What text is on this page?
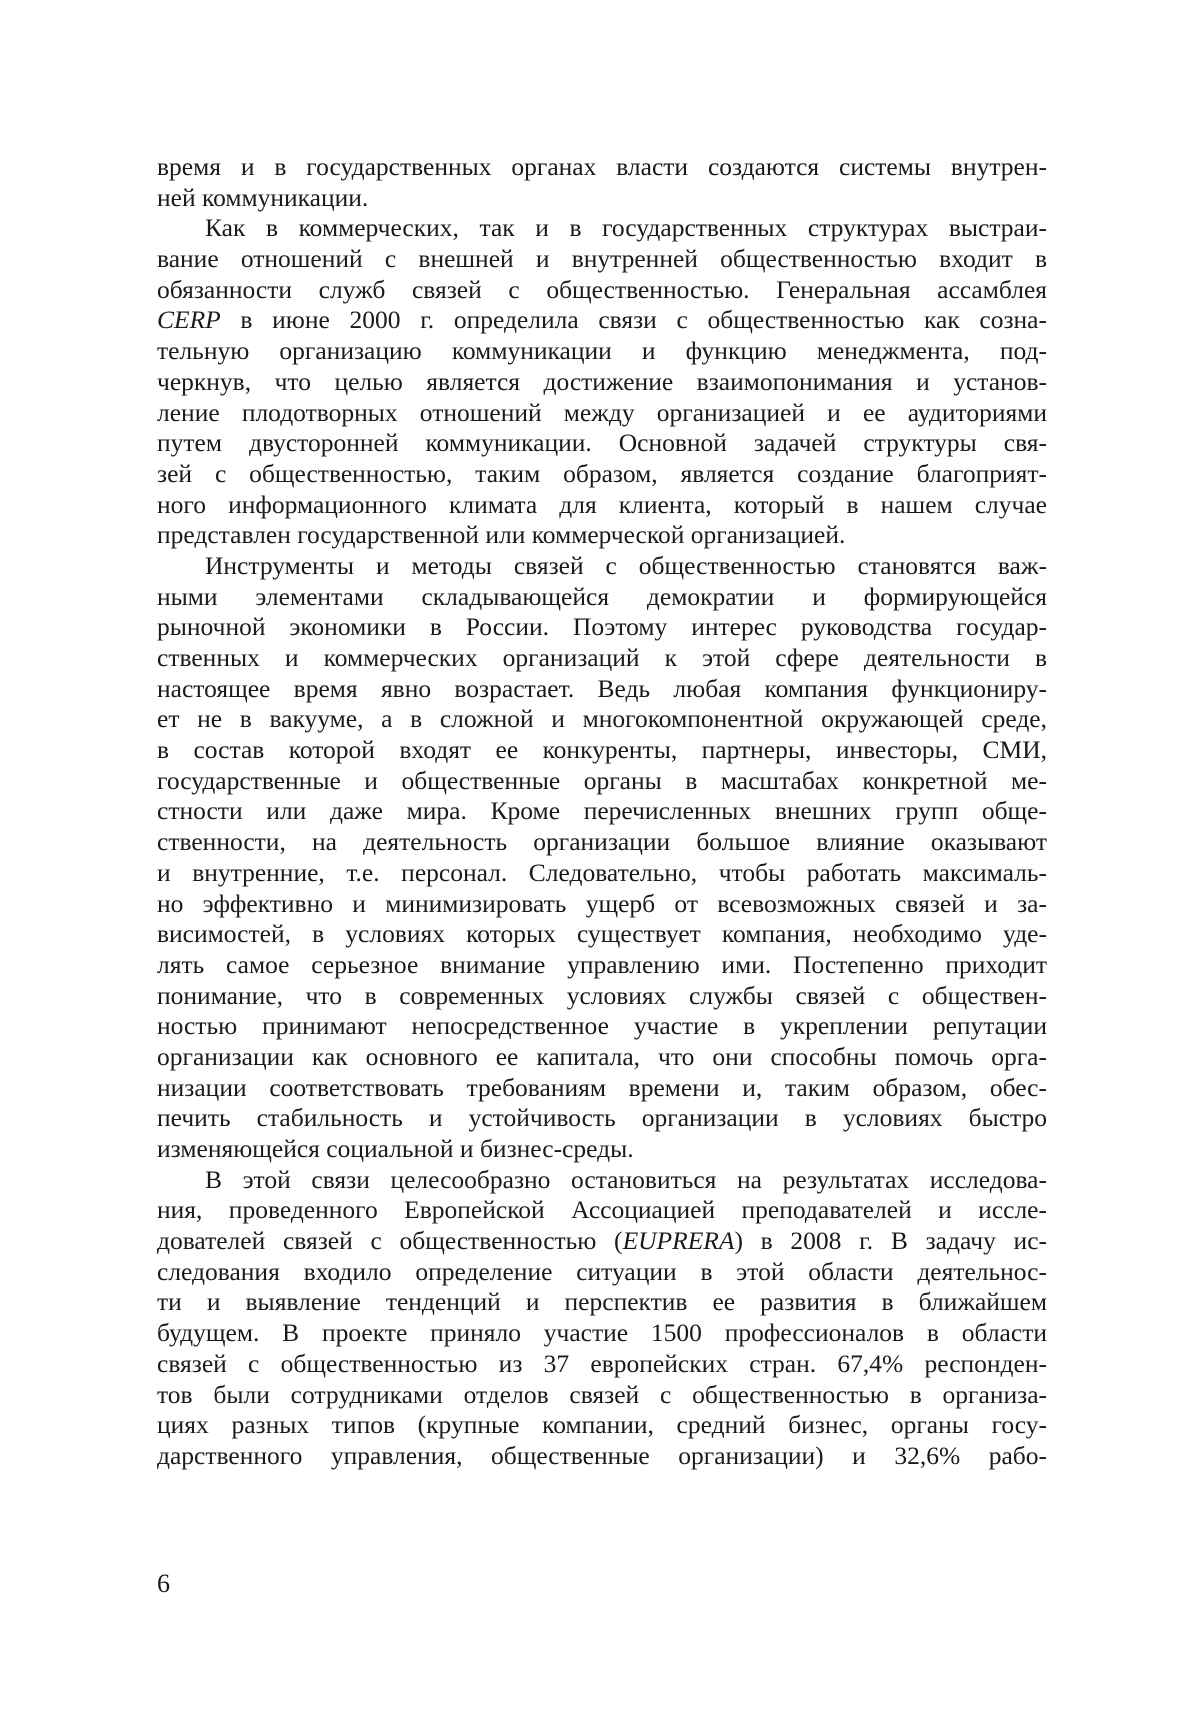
время и в государственных органах власти создаются системы внутрен-
ней коммуникации.

Как в коммерческих, так и в государственных структурах выстраи-
вание отношений с внешней и внутренней общественностью входит в
обязанности служб связей с общественностью. Генеральная ассамблея
CERP в июне 2000 г. определила связи с общественностью как созна-
тельную организацию коммуникации и функцию менеджмента, под-
черкнув, что целью является достижение взаимопонимания и установ-
ление плодотворных отношений между организацией и ее аудиториями
путем двусторонней коммуникации. Основной задачей структуры свя-
зей с общественностью, таким образом, является создание благоприят-
ного информационного климата для клиента, который в нашем случае
представлен государственной или коммерческой организацией.

Инструменты и методы связей с общественностью становятся важ-
ными элементами складывающейся демократии и формирующейся
рыночной экономики в России. Поэтому интерес руководства государ-
ственных и коммерческих организаций к этой сфере деятельности в
настоящее время явно возрастает. Ведь любая компания функциониру-
ет не в вакууме, а в сложной и многокомпонентной окружающей среде,
в состав которой входят ее конкуренты, партнеры, инвесторы, СМИ,
государственные и общественные органы в масштабах конкретной ме-
стности или даже мира. Кроме перечисленных внешних групп обще-
ственности, на деятельность организации большое влияние оказывают
и внутренние, т.е. персонал. Следовательно, чтобы работать максималь-
но эффективно и минимизировать ущерб от всевозможных связей и за-
висимостей, в условиях которых существует компания, необходимо уде-
лять самое серьезное внимание управлению ими. Постепенно приходит
понимание, что в современных условиях службы связей с обществен-
ностью принимают непосредственное участие в укреплении репутации
организации как основного ее капитала, что они способны помочь орга-
низации соответствовать требованиям времени и, таким образом, обес-
печить стабильность и устойчивость организации в условиях быстро
изменяющейся социальной и бизнес-среды.

В этой связи целесообразно остановиться на результатах исследова-
ния, проведенного Европейской Ассоциацией преподавателей и иссле-
дователей связей с общественностью (EUPRERA) в 2008 г. В задачу ис-
следования входило определение ситуации в этой области деятельнос-
ти и выявление тенденций и перспектив ее развития в ближайшем
будущем. В проекте приняло участие 1500 профессионалов в области
связей с общественностью из 37 европейских стран. 67,4% респонден-
тов были сотрудниками отделов связей с общественностью в организа-
циях разных типов (крупные компании, средний бизнес, органы госу-
дарственного управления, общественные организации) и 32,6% рабо-

6
